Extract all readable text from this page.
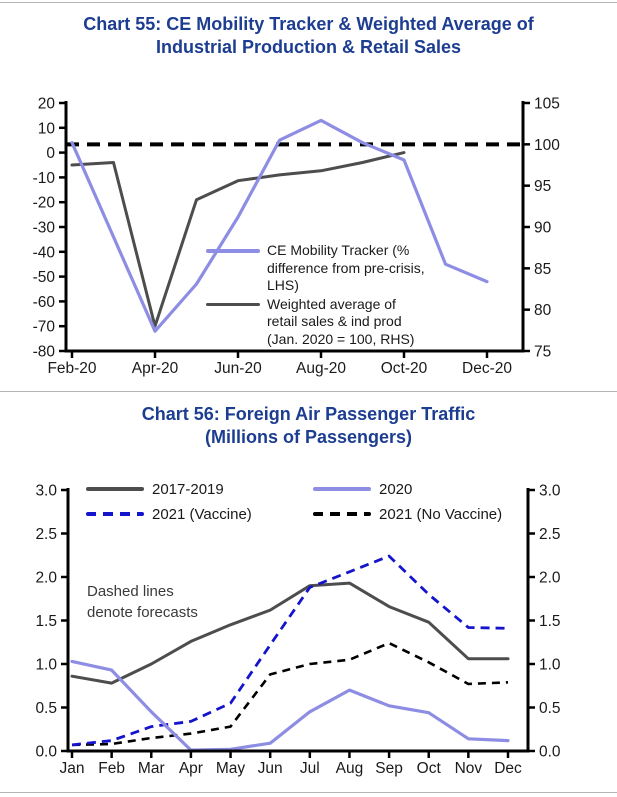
Chart 55: CE Mobility Tracker & Weighted Average of
Industrial Production & Retail Sales
20
10
0
-10
-20
-30
-40
-50
-60
-70
-80
105
100
95
90
85
80
75
Feb-20 Apr-20 Jun-20 Aug-20 Oct-20 Dec-20
CE Mobility Tracker (%
difference from pre-crisis,
LHS)
Weighted average of
retail sales & ind prod
(Jan. 2020 = 100, RHS)
Chart 56: Foreign Air Passenger Traffic
(Millions of Passengers)
3.0
2.5
2.0
1.5
1.0
0.5
0.0
3.0
2.5
2.0
1.5
1.0
0.5
0.0
Jan Feb Mar Apr May Jun Jul Aug Sep Oct Nov Dec
2017-2019	2020
2021 (Vaccine)	2021 (No Vaccine)
Dashed lines
denote forecasts
